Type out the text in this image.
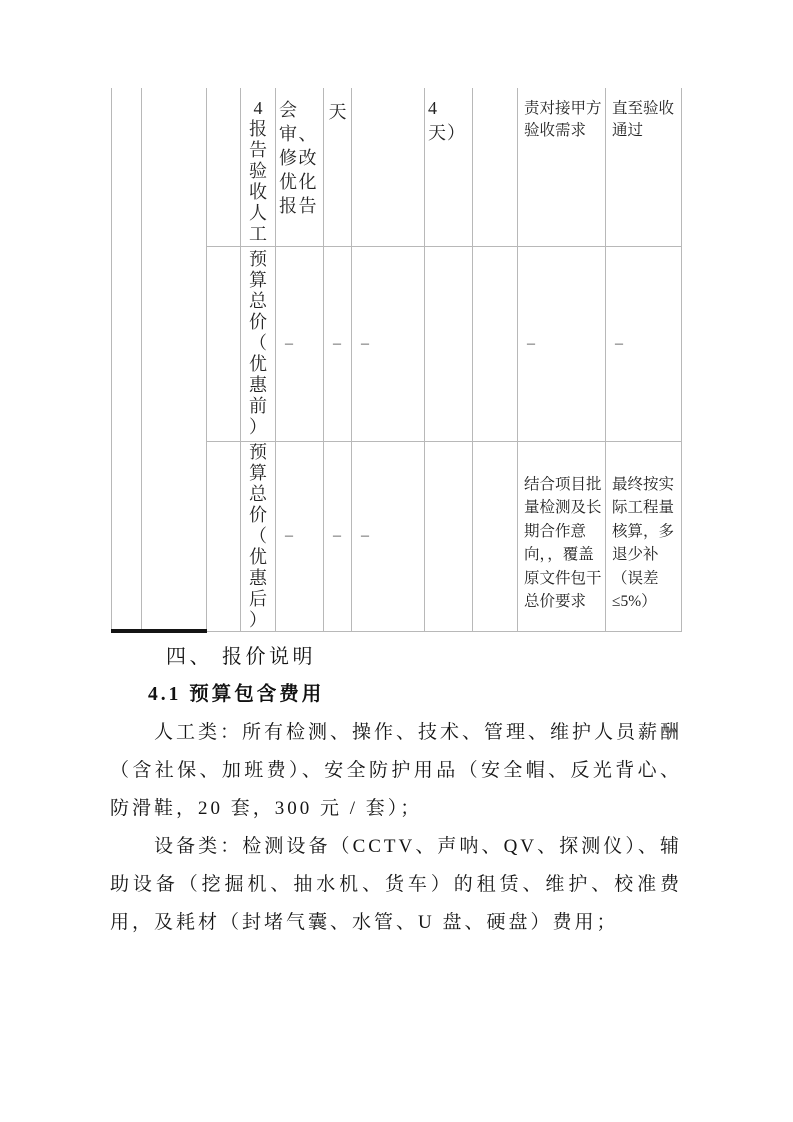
			4报告验收人工	会审、修改优化报告	天		4 天）		责对接甲方验收需求	直至验收通过

			预算总价（优惠前）	–	–	–			–	–

			预算总价（优惠后）	–	–	–			结合项目批量检测及长期合作意向，，覆盖原文件包干总价要求	最终按实际工程量核算，多退少补（误差≤5%）

四、 报价说明

4.1 预算包含费用

人工类：所有检测、操作、技术、管理、维护人员薪酬（含社保、加班费）、安全防护用品（安全帽、反光背心、防滑鞋，20 套，300 元 / 套）；

设备类：检测设备（CCTV、声呐、QV、探测仪）、辅助设备（挖掘机、抽水机、货车）的租赁、维护、校准费用，及耗材（封堵气囊、水管、U 盘、硬盘）费用；
